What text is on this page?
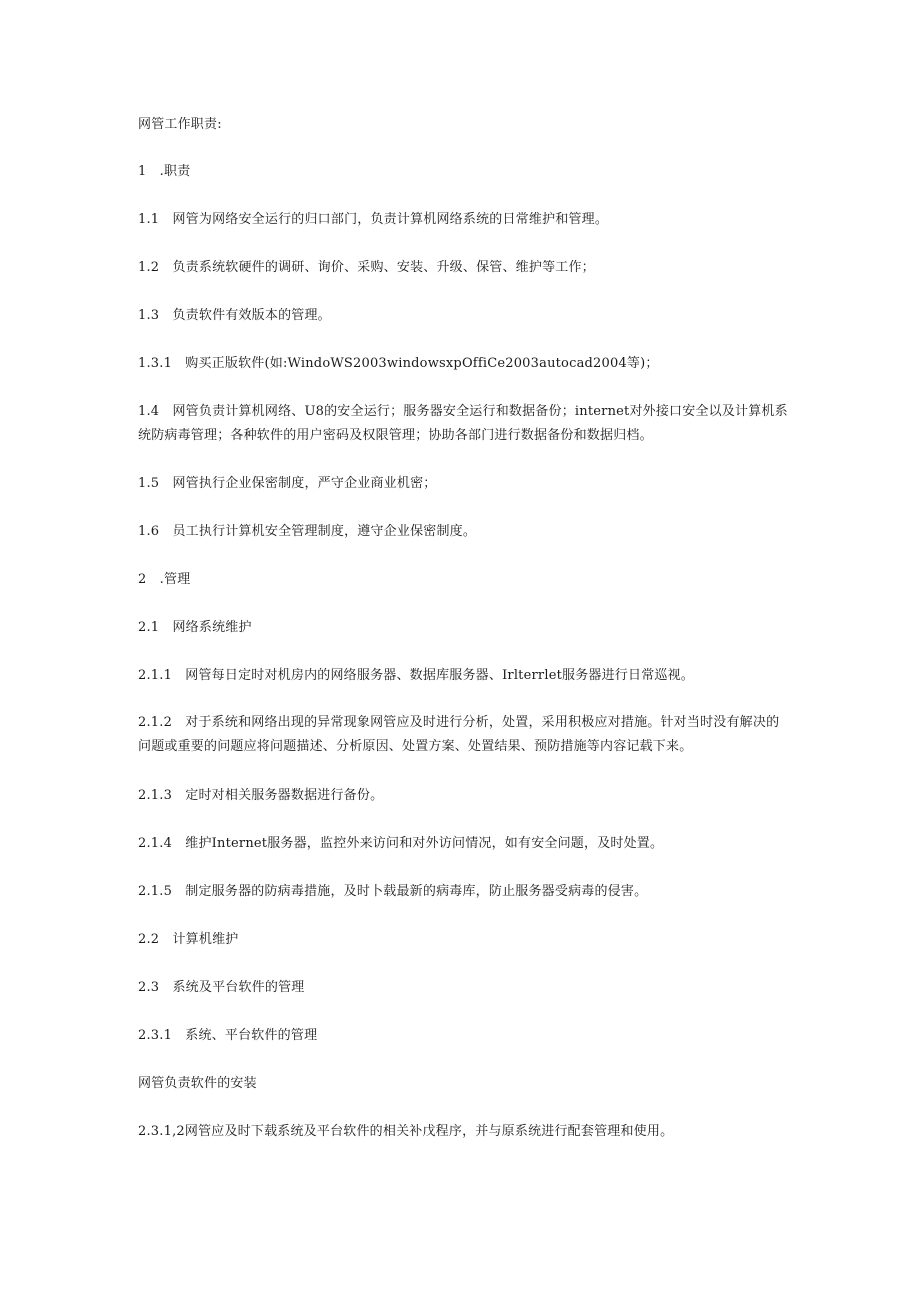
网管工作职责:
1　.职责
1.1　网管为网络安全运行的归口部门，负责计算机网络系统的日常维护和管理。
1.2　负责系统软硬件的调研、询价、采购、安装、升级、保管、维护等工作；
1.3　负责软件有效版本的管理。
1.3.1　购买正版软件(如:WindoWS2003windowsxpOffiCe2003autocad2004等)；
1.4　网管负责计算机网络、U8的安全运行；服务器安全运行和数据备份；internet对外接口安全以及计算机系统防病毒管理；各种软件的用户密码及权限管理；协助各部门进行数据备份和数据归档。
1.5　网管执行企业保密制度，严守企业商业机密；
1.6　员工执行计算机安全管理制度，遵守企业保密制度。
2　.管理
2.1　网络系统维护
2.1.1　网管每日定时对机房内的网络服务器、数据库服务器、Irlterrlet服务器进行日常巡视。
2.1.2　对于系统和网络出现的异常现象网管应及时进行分析，处置，采用积极应对措施。针对当时没有解决的问题或重要的问题应将问题描述、分析原因、处置方案、处置结果、预防措施等内容记载下来。
2.1.3　定时对相关服务器数据进行备份。
2.1.4　维护Internet服务器，监控外来访问和对外访问情况，如有安全问题，及时处置。
2.1.5　制定服务器的防病毒措施，及时卜载最新的病毒库，防止服务器受病毒的侵害。
2.2　计算机维护
2.3　系统及平台软件的管理
2.3.1　系统、平台软件的管理
网管负责软件的安装
2.3.1,2网管应及时下载系统及平台软件的相关补戊程序，并与原系统进行配套管理和使用。
